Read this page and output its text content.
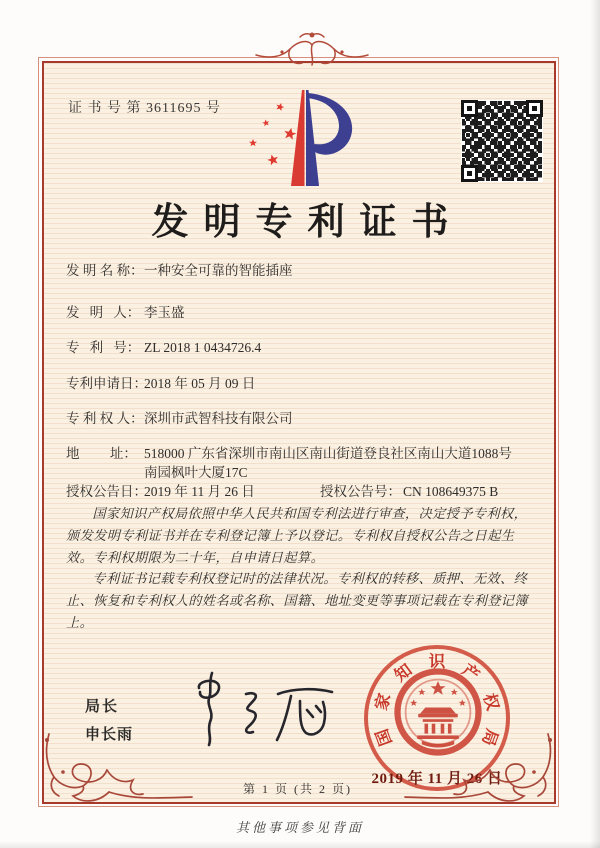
证 书 号 第 3611695 号
发明专利证书
发 明 名 称： 一种安全可靠的智能插座
发   明   人： 李玉盛
专   利   号： ZL 2018 1 0434726.4
专利申请日：
2018 年 05 月 09 日
专 利 权 人： 深圳市武智科技有限公司
地         址： 518000 广东省深圳市南山区南山街道登良社区南山大道1088号南园枫叶大厦17C
授权公告日：
2019 年 11 月 26 日	授权公告号： CN 108649375 B

国家知识产权局依照中华人民共和国专利法进行审查，决定授予专利权，颁发发明专利证书并在专利登记簿上予以登记。专利权自授权公告之日起生效。专利权期限为二十年，自申请日起算。

专利证书记载专利权登记时的法律状况。专利权的转移、质押、无效、终止、恢复和专利权人的姓名或名称、国籍、地址变更等事项记载在专利登记簿上。

局长
申长雨	国
家
知 识 产
权
局
2019 年 11 月 26 日
第 1 页 (共 2 页)
其他事项参见背面
